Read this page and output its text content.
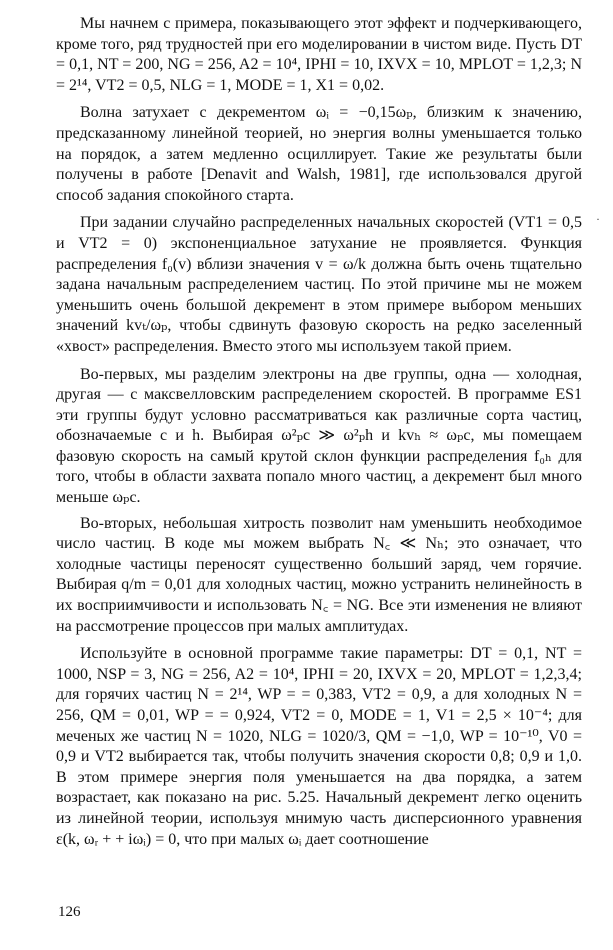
Мы начнем с примера, показывающего этот эффект и подчеркивающего, кроме того, ряд трудностей при его моделировании в чистом виде. Пусть DT = 0,1, NT = 200, NG = 256, A2 = 10⁴, IPHI = 10, IXVX = 10, MPLOT = 1,2,3; N = 2¹⁴, VT2 = 0,5, NLG = 1, MODE = 1, X1 = 0,02.

Волна затухает с декрементом ωᵢ = −0,15ωₚ, близким к значению, предсказанному линейной теорией, но энергия волны уменьшается только на порядок, а затем медленно осциллирует. Такие же результаты были получены в работе [Denavit and Walsh, 1981], где использовался другой способ задания спокойного старта.

При задании случайно распределенных начальных скоростей (VT1 = 0,5 и VT2 = 0) экспоненциальное затухание не проявляется. Функция распределения f₀(v) вблизи значения v = ω/k должна быть очень тщательно задана начальным распределением частиц. По этой причине мы не можем уменьшить очень большой декремент в этом примере выбором меньших значений kvₜ/ωₚ, чтобы сдвинуть фазовую скорость на редко заселенный «хвост» распределения. Вместо этого мы используем такой прием.

Во-первых, мы разделим электроны на две группы, одна — холодная, другая — с максвелловским распределением скоростей. В программе ES1 эти группы будут условно рассматриваться как различные сорта частиц, обозначаемые c и h. Выбирая ω²ₚc ≫ ω²ₚh и kvₕ ≈ ωₚc, мы помещаем фазовую скорость на самый крутой склон функции распределения f₀ₕ для того, чтобы в области захвата попало много частиц, а декремент был много меньше ωₚc.

Во-вторых, небольшая хитрость позволит нам уменьшить необходимое число частиц. В коде мы можем выбрать N꜀ ≪ Nₕ; это означает, что холодные частицы переносят существенно больший заряд, чем горячие. Выбирая q/m = 0,01 для холодных частиц, можно устранить нелинейность в их восприимчивости и использовать N꜀ = NG. Все эти изменения не влияют на рассмотрение процессов при малых амплитудах.

Используйте в основной программе такие параметры: DT = 0,1, NT = 1000, NSP = 3, NG = 256, A2 = 10⁴, IPHI = 20, IXVX = 20, MPLOT = 1,2,3,4; для горячих частиц N = 2¹⁴, WP = = 0,383, VT2 = 0,9, а для холодных N = 256, QM = 0,01, WP = = 0,924, VT2 = 0, MODE = 1, V1 = 2,5 × 10⁻⁴; для меченых же частиц N = 1020, NLG = 1020/3, QM = −1,0, WP = 10⁻¹⁰, V0 = 0,9 и VT2 выбирается так, чтобы получить значения скорости 0,8; 0,9 и 1,0. В этом примере энергия поля уменьшается на два порядка, а затем возрастает, как показано на рис. 5.25. Начальный декремент легко оценить из линейной теории, используя мнимую часть дисперсионного уравнения ε(k, ωᵣ + + iωᵢ) = 0, что при малых ωᵢ дает соотношение

·
126
